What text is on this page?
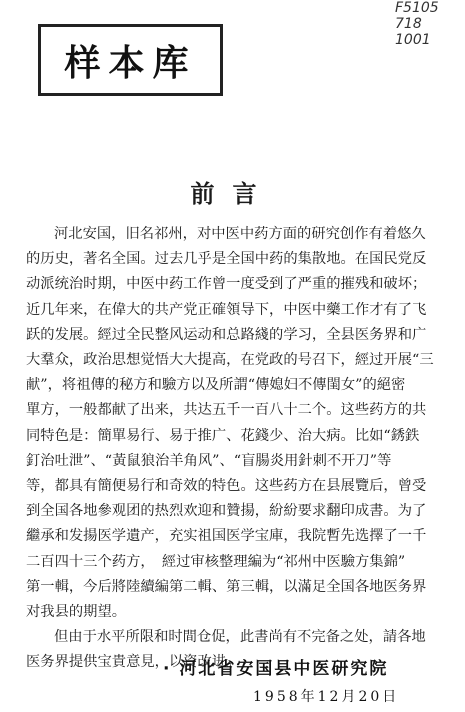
样本库
F5105
718
1001
前言
河北安国，旧名祁州，对中医中药方面的研究创作有着悠久
的历史，著名全国。过去几乎是全国中药的集散地。在国民党反
动派统治时期，中医中药工作曾一度受到了严重的摧残和破坏；
近几年来，在偉大的共产党正確領导下，中医中藥工作才有了飞
跃的发展。經过全民整风运动和总路綫的学习，全县医务界和广
大羣众，政治思想觉悟大大提高，在党政的号召下，經过开展“三
献”，将祖傳的秘方和驗方以及所謂“傳媳妇不傳閨女”的絕密
單方，一般都献了出来，共达五千一百八十二个。这些药方的共
同特色是：簡單易行、易于推广、花錢少、治大病。比如“銹鉄
釘治吐泄”、“黃鼠狼治羊角风”、“盲腸炎用針刺不开刀”等
等，都具有簡便易行和奇效的特色。这些药方在县展覽后，曾受
到全国各地參观团的热烈欢迎和贊揚，紛紛要求翻印成書。为了
繼承和发揚医学遺产，充实祖国医学宝庫，我院暫先选擇了一千
二百四十三个药方，　經过审核整理編为“祁州中医驗方集錦”
第一輯，今后將陸續編第二輯、第三輯，以滿足全国各地医务界
对我县的期望。
但由于水平所限和时間仓促，此書尚有不完备之处，請各地
医务界提供宝貴意見，以資改进。
· 河北省安国县中医研究院
1958年12月20日
